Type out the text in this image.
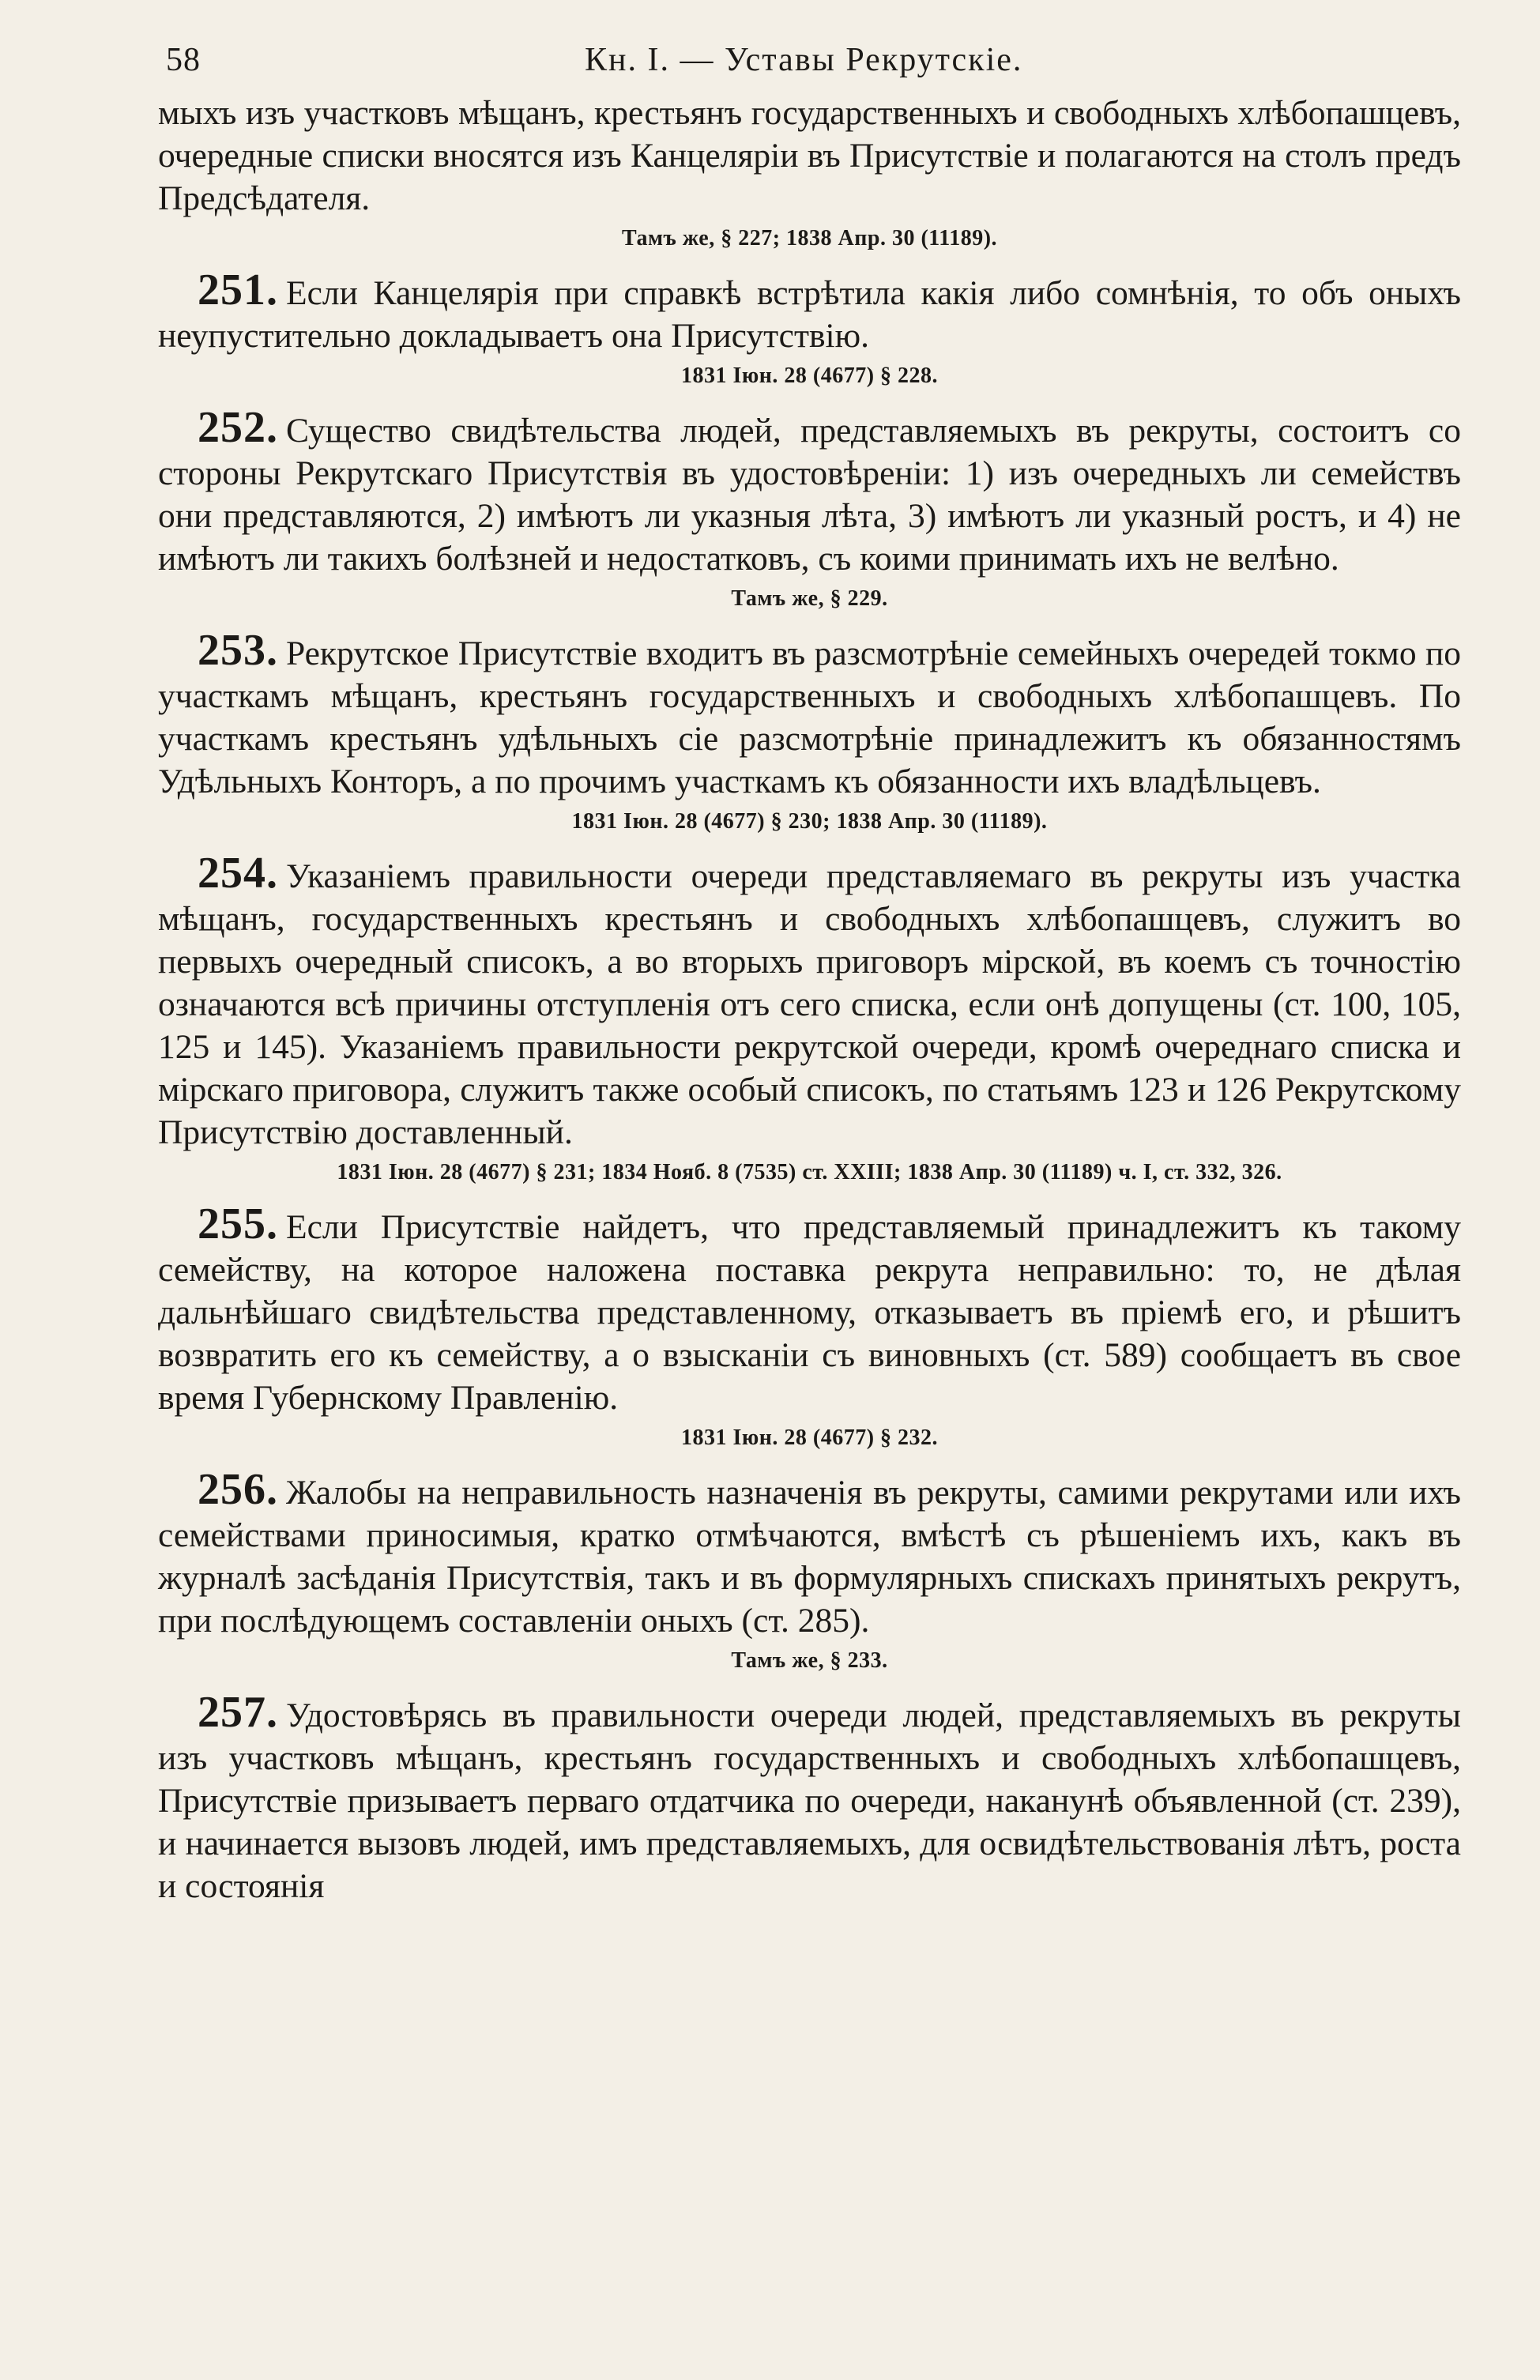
58	Кн. I. — Уставы Рекрутскiе.

мыхъ изъ участковъ мѣщанъ, крестьянъ государственныхъ и свободныхъ хлѣбопашцевъ, очередные списки вносятся изъ Канцелярiи въ Присутствiе и полагаются на столъ предъ Предсѣдателя.

Тамъ же, § 227; 1838 Апр. 30 (11189).

251. Если Канцелярiя при справкѣ встрѣтила какiя либо сомнѣнiя, то объ оныхъ неупустительно докладываетъ она Присутствiю.

1831 Iюн. 28 (4677) § 228.

252. Существо свидѣтельства людей, представляемыхъ въ рекруты, состоитъ со стороны Рекрутскаго Присутствiя въ удостовѣренiи: 1) изъ очередныхъ ли семействъ они представляются, 2) имѣютъ ли указныя лѣта, 3) имѣютъ ли указный ростъ, и 4) не имѣютъ ли такихъ болѣзней и недостатковъ, съ коими принимать ихъ не велѣно.

Тамъ же, § 229.

253. Рекрутское Присутствiе входитъ въ разсмотрѣнiе семейныхъ очередей токмо по участкамъ мѣщанъ, крестьянъ государственныхъ и свободныхъ хлѣбопашцевъ. По участкамъ крестьянъ удѣльныхъ сiе разсмотрѣнiе принадлежитъ къ обязанностямъ Удѣльныхъ Конторъ, а по прочимъ участкамъ къ обязанности ихъ владѣльцевъ.

1831 Iюн. 28 (4677) § 230; 1838 Апр. 30 (11189).

254. Указанiемъ правильности очереди представляемаго въ рекруты изъ участка мѣщанъ, государственныхъ крестьянъ и свободныхъ хлѣбопашцевъ, служитъ во первыхъ очередный списокъ, а во вторыхъ приговоръ мiрской, въ коемъ съ точностiю означаются всѣ причины отступленiя отъ сего списка, если онѣ допущены (ст. 100, 105, 125 и 145). Указанiемъ правильности рекрутской очереди, кромѣ очереднаго списка и мiрскаго приговора, служитъ также особый списокъ, по статьямъ 123 и 126 Рекрутскому Присутствiю доставленный.

1831 Iюн. 28 (4677) § 231; 1834 Нояб. 8 (7535) ст. XXIII; 1838 Апр. 30 (11189) ч. I, ст. 332, 326.

255. Если Присутствiе найдетъ, что представляемый принадлежитъ къ такому семейству, на которое наложена поставка рекрута неправильно: то, не дѣлая дальнѣйшаго свидѣтельства представленному, отказываетъ въ прiемѣ его, и рѣшитъ возвратить его къ семейству, а о взысканiи съ виновныхъ (ст. 589) сообщаетъ въ свое время Губернскому Правленiю.

1831 Iюн. 28 (4677) § 232.

256. Жалобы на неправильность назначенiя въ рекруты, самими рекрутами или ихъ семействами приносимыя, кратко отмѣчаются, вмѣстѣ съ рѣшенiемъ ихъ, какъ въ журналѣ засѣданiя Присутствiя, такъ и въ формулярныхъ спискахъ принятыхъ рекрутъ, при послѣдующемъ составленiи оныхъ (ст. 285).

Тамъ же, § 233.

257. Удостовѣрясь въ правильности очереди людей, представляемыхъ въ рекруты изъ участковъ мѣщанъ, крестьянъ государственныхъ и свободныхъ хлѣбопашцевъ, Присутствiе призываетъ перваго отдатчика по очереди, наканунѣ объявленной (ст. 239), и начинается вызовъ людей, имъ представляемыхъ, для освидѣтельствованiя лѣтъ, роста и состоянiя
